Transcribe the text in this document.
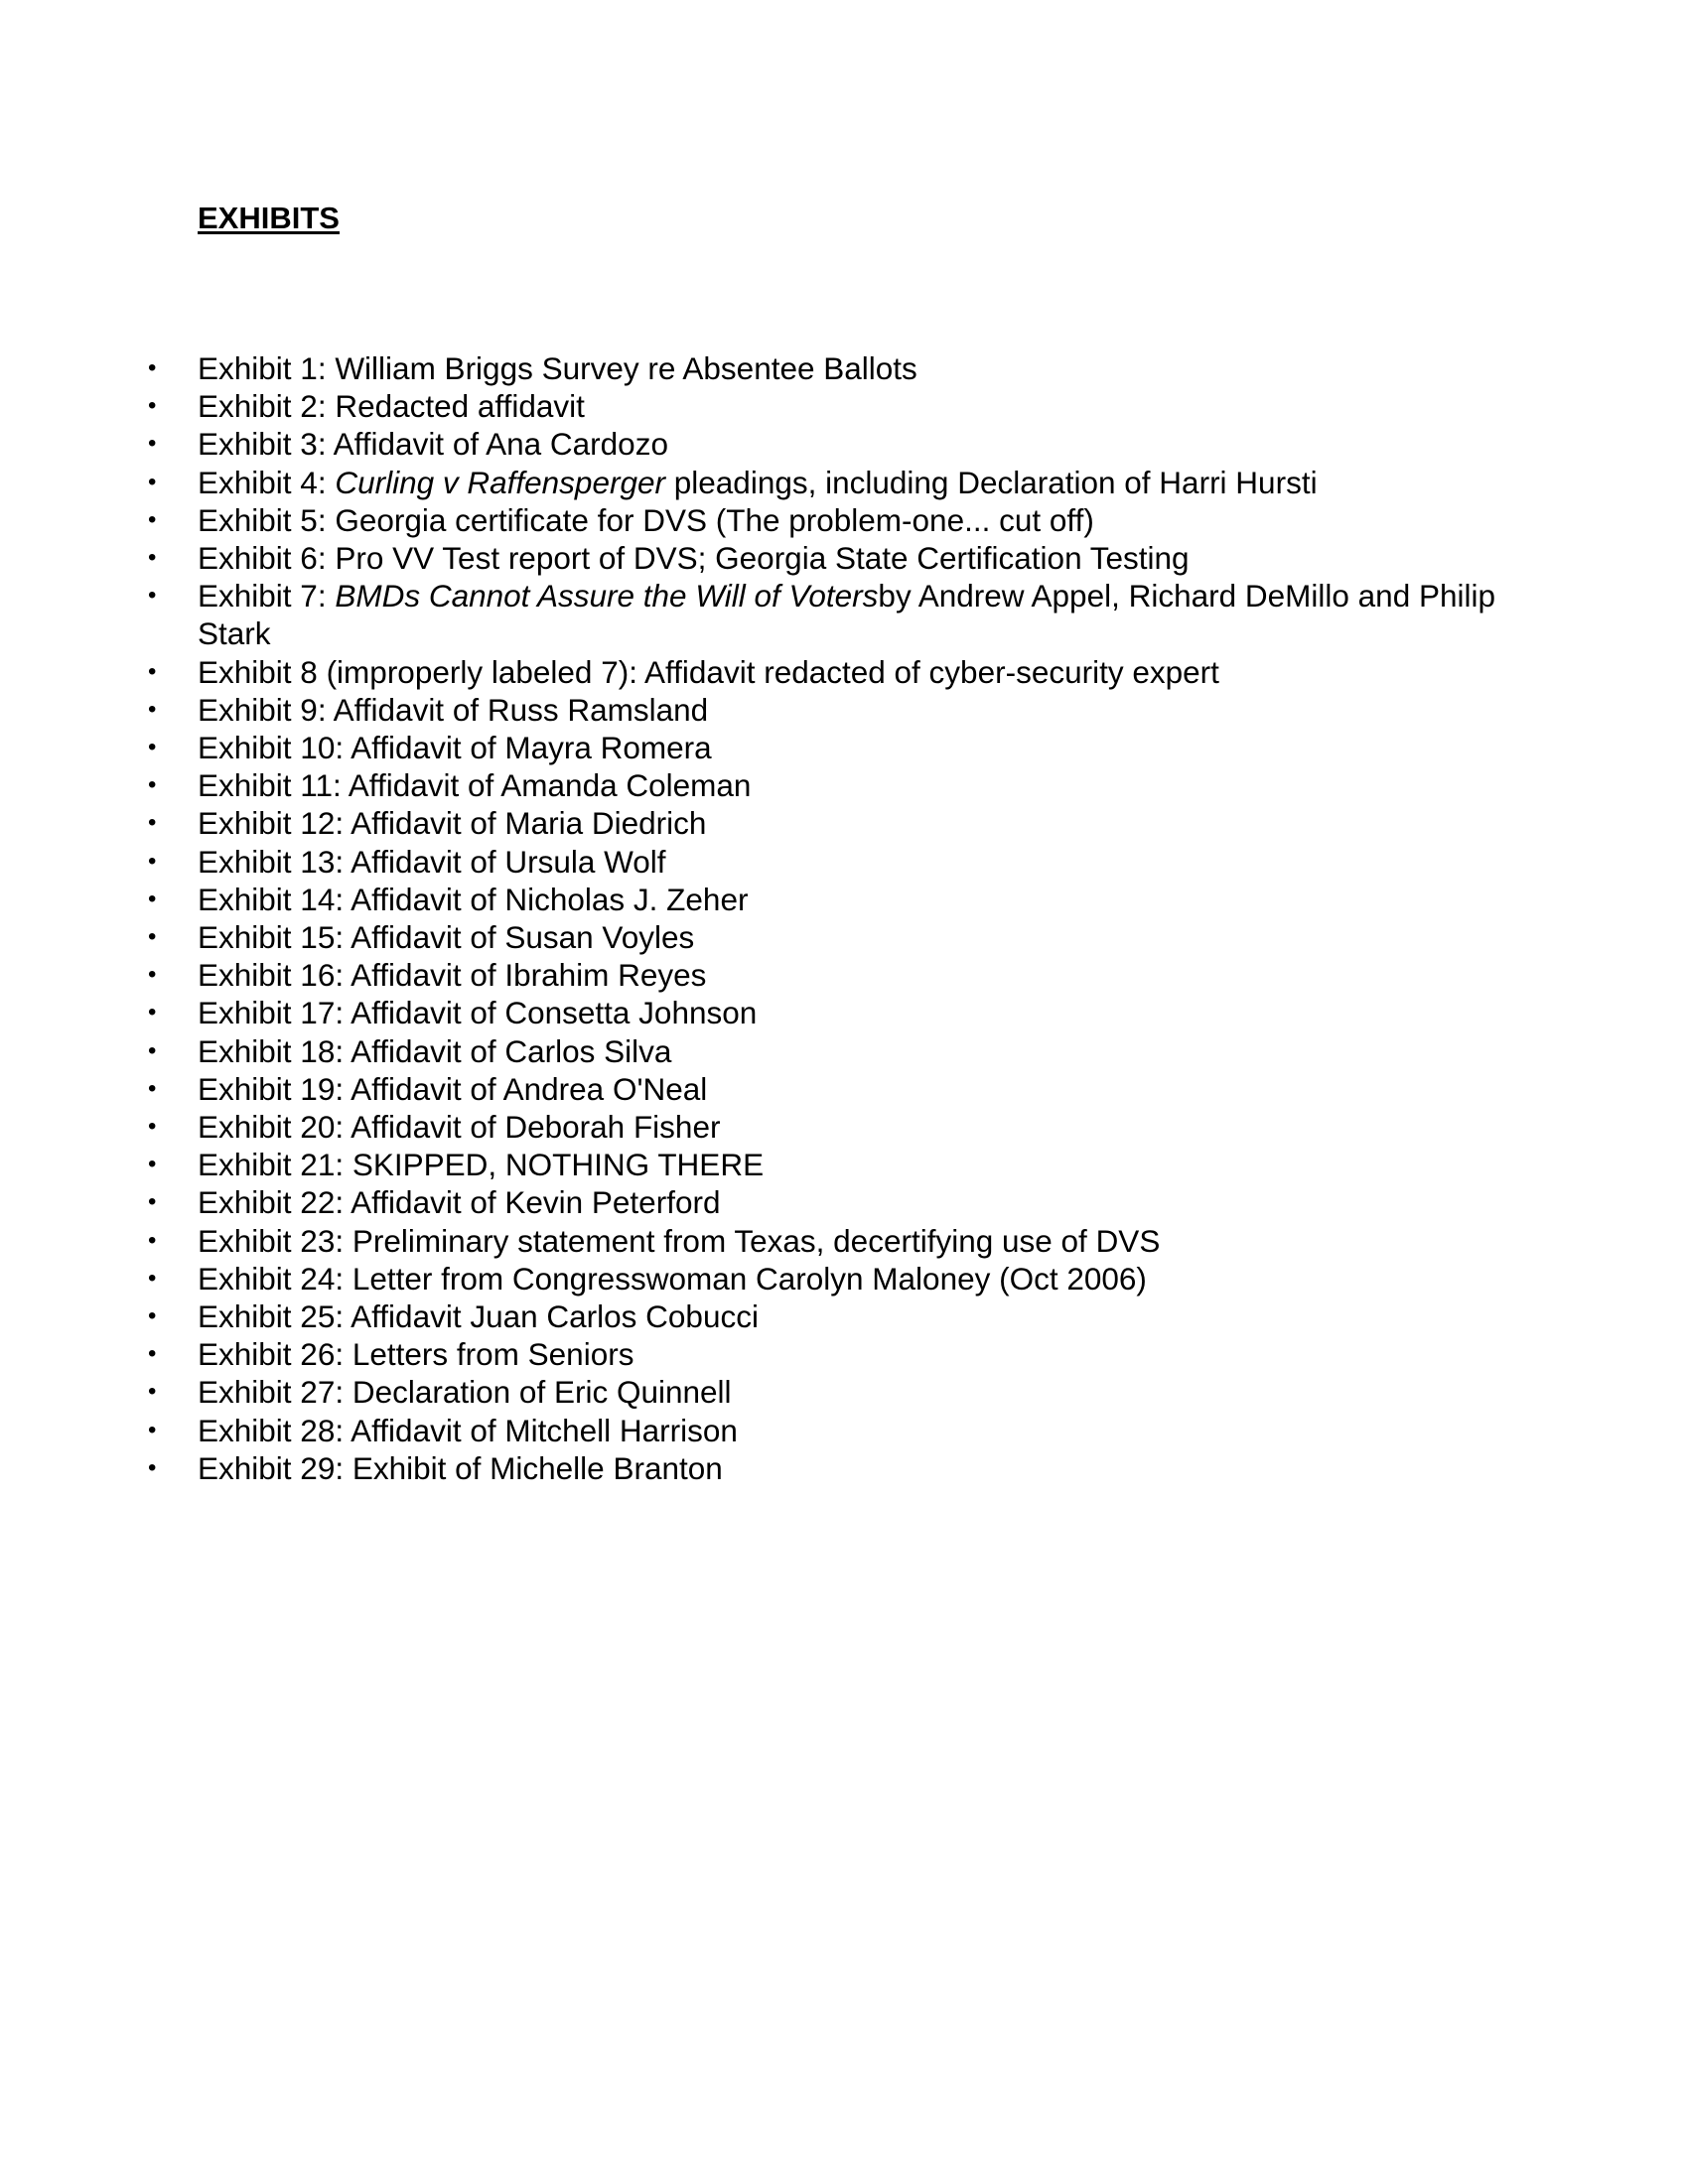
EXHIBITS
• Exhibit 1: William Briggs Survey re Absentee Ballots
• Exhibit 2: Redacted affidavit
• Exhibit 3: Affidavit of Ana Cardozo
• Exhibit 4: Curling v Raffensperger pleadings, including Declaration of Harri Hursti
• Exhibit 5: Georgia certificate for DVS (The problem-one... cut off)
• Exhibit 6: Pro VV Test report of DVS; Georgia State Certification Testing
• Exhibit 7: BMDs Cannot Assure the Will of Votersby Andrew Appel, Richard DeMillo and Philip Stark
• Exhibit 8 (improperly labeled 7): Affidavit redacted of cyber-security expert
• Exhibit 9: Affidavit of Russ Ramsland
• Exhibit 10: Affidavit of Mayra Romera
• Exhibit 11: Affidavit of Amanda Coleman
• Exhibit 12: Affidavit of Maria Diedrich
• Exhibit 13: Affidavit of Ursula Wolf
• Exhibit 14: Affidavit of Nicholas J. Zeher
• Exhibit 15: Affidavit of Susan Voyles
• Exhibit 16: Affidavit of Ibrahim Reyes
• Exhibit 17: Affidavit of Consetta Johnson
• Exhibit 18: Affidavit of Carlos Silva
• Exhibit 19: Affidavit of Andrea O'Neal
• Exhibit 20: Affidavit of Deborah Fisher
• Exhibit 21: SKIPPED, NOTHING THERE
• Exhibit 22: Affidavit of Kevin Peterford
• Exhibit 23: Preliminary statement from Texas, decertifying use of DVS
• Exhibit 24: Letter from Congresswoman Carolyn Maloney (Oct 2006)
• Exhibit 25: Affidavit Juan Carlos Cobucci
• Exhibit 26: Letters from Seniors
• Exhibit 27: Declaration of Eric Quinnell
• Exhibit 28: Affidavit of Mitchell Harrison
• Exhibit 29: Exhibit of Michelle Branton
